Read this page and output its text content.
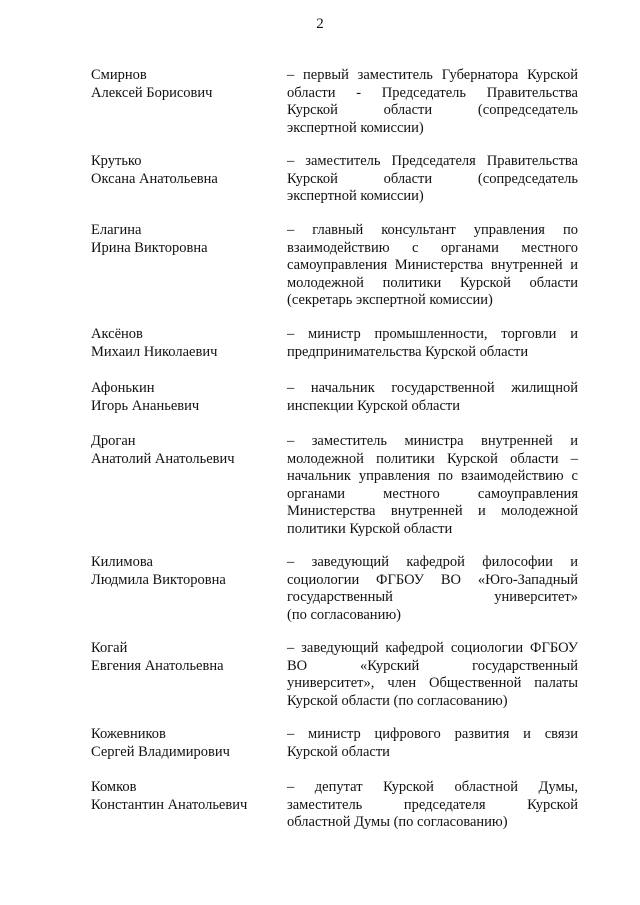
2
Смирнов
Алексей Борисович
– первый заместитель Губернатора Курской
области - Председатель Правительства
Курской области (сопредседатель
экспертной комиссии)
Крутько
Оксана Анатольевна
– заместитель Председателя Правительства
Курской области (сопредседатель
экспертной комиссии)
Елагина
Ирина Викторовна
– главный консультант управления по
взаимодействию с органами местного
самоуправления Министерства внутренней и
молодежной политики Курской области
(секретарь экспертной комиссии)
Аксёнов
Михаил Николаевич
– министр промышленности, торговли и
предпринимательства Курской области
Афонькин
Игорь Ананьевич
– начальник государственной жилищной
инспекции Курской области
Дроган
Анатолий Анатольевич
– заместитель министра внутренней и
молодежной политики Курской области –
начальник управления по взаимодействию с
органами местного самоуправления
Министерства внутренней и молодежной
политики Курской области
Килимова
Людмила Викторовна
– заведующий кафедрой философии и
социологии ФГБОУ ВО «Юго-Западный
государственный университет»
(по согласованию)
Когай
Евгения Анатольевна
– заведующий кафедрой социологии ФГБОУ
ВО «Курский государственный
университет», член Общественной палаты
Курской области (по согласованию)
Кожевников
Сергей Владимирович
– министр цифрового развития и связи
Курской области
Комков
Константин Анатольевич
– депутат Курской областной Думы,
заместитель председателя Курской
областной Думы (по согласованию)
